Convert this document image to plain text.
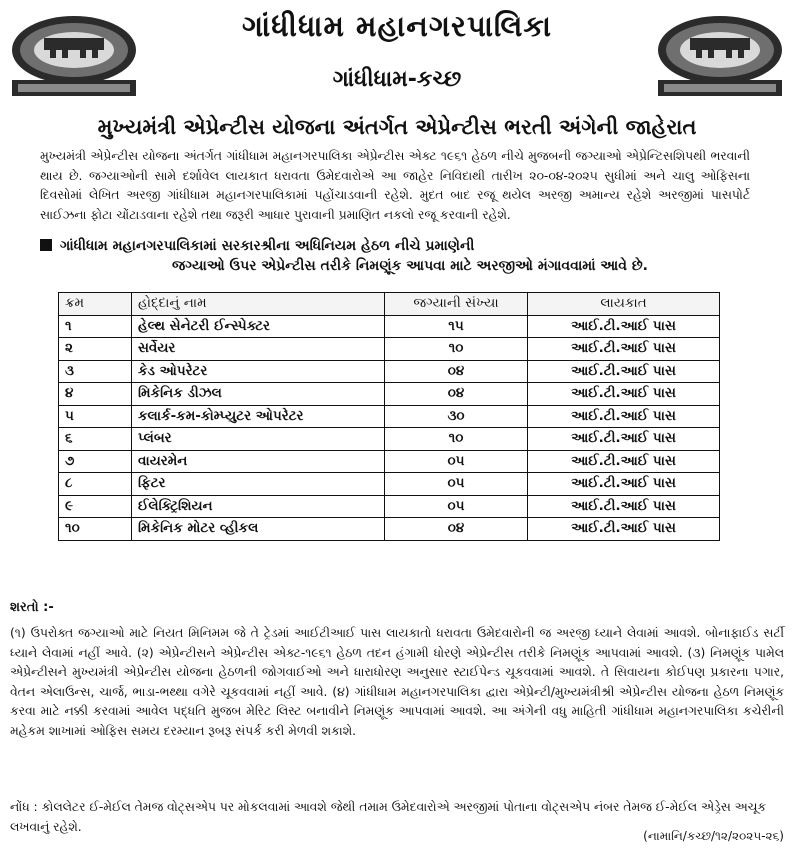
ગાંધીધામ મહાનગરપાલિકા
ગાંધીધામ-કચ્છ
મુખ્યમંત્રી એપ્રેન્ટીસ યોજના અંતર્ગત એપ્રેન્ટીસ ભરતી અંગેની જાહેરાત
મુખ્યમંત્રી એપ્રેન્ટીસ યોજના અંતર્ગત ગાંધીધામ મહાનગરપાલિકા એપ્રેન્ટીસ એક્ટ ૧૯૬૧ હેઠળ નીચે મુજબની જગ્યાઓ એપ્રેન્ટિસશિપથી ભરવાની થાય છે. જગ્યાઓની સામે દર્શાવેલ લાયકાત ધરાવતા ઉમેદવારોએ આ જાહેર નિવિદાથી તારીખ ૨૦-૦૪-૨૦૨૫ સુધીમાં અને ચાલુ ઓફિસના દિવસોમાં લેખિત અરજી ગાંધીધામ મહાનગરપાલિકામાં પહોંચાડવાની રહેશે. મુદત બાદ રજૂ થયેલ અરજી અમાન્ય રહેશે અરજીમાં પાસપોર્ટ સાઈઝના ફોટા ચોંટાડવાના રહેશે તથા જરૂરી આધાર પુરાવાની પ્રમાણિત નકલો રજૂ કરવાની રહેશે.
ગાંધીધામ મહાનગરપાલિકામાં સરકારશ્રીના અધિનિયમ હેઠળ નીચે પ્રમાણેની
જગ્યાઓ ઉપર એપ્રેન્ટીસ તરીકે નિમણૂંક આપવા માટે અરજીઓ મંગાવવામાં આવે છે.
ક્રમ	હોદ્દાનું નામ	જગ્યાની સંખ્યા	લાયકાત
૧	હેલ્થ સેનેટરી ઈન્સ્પેક્ટર	૧૫	આઈ.ટી.આઈ પાસ
૨	સર્વેયર	૧૦	આઈ.ટી.આઈ પાસ
૩	કેડ ઓપરેટર	૦૪	આઈ.ટી.આઈ પાસ
૪	મિકેનિક ડીઝલ	૦૪	આઈ.ટી.આઈ પાસ
૫	કલાર્ક-કમ-કોમ્પ્યુટર ઓપરેટર	૩૦	આઈ.ટી.આઈ પાસ
૬	પ્લંબર	૧૦	આઈ.ટી.આઈ પાસ
૭	વાયરમેન	૦૫	આઈ.ટી.આઈ પાસ
૮	ફિટર	૦૫	આઈ.ટી.આઈ પાસ
૯	ઈલેક્ટ્રિશિયન	૦૫	આઈ.ટી.આઈ પાસ
૧૦	મિકેનિક મોટર વ્હીકલ	૦૪	આઈ.ટી.આઈ પાસ
શરતો :-
(૧) ઉપરોક્ત જગ્યાઓ માટે નિયત મિનિમમ જે તે ટ્રેડમાં આઈટીઆઈ પાસ લાયકાતો ધરાવતા ઉમેદવારોની જ અરજી ધ્યાને લેવામાં આવશે. બોનાફાઈડ સર્ટી ધ્યાને લેવામાં નહીં આવે. (૨) એપ્રેન્ટીસને એપ્રેન્ટીસ એક્ટ-૧૯૬૧ હેઠળ તદન હંગામી ધોરણે એપ્રેન્ટીસ તરીકે નિમણૂંક આપવામાં આવશે. (૩) નિમણૂંક પામેલ એપ્રેન્ટીસને મુખ્યમંત્રી એપ્રેન્ટીસ યોજના હેઠળની જોગવાઈઓ અને ધારાધોરણ અનુસાર સ્ટાઈપેન્ડ ચૂકવવામાં આવશે. તે સિવાયના કોઈપણ પ્રકારના પગાર, વેતન એલાઉન્સ, ચાર્જ, ભાડા-ભથ્થા વગેરે ચૂકવવામાં નહીં આવે. (૪) ગાંધીધામ મહાનગરપાલિકા દ્વારા એપ્રેન્ટી/મુખ્યમંત્રીશ્રી એપ્રેન્ટીસ યોજના હેઠળ નિમણૂંક કરવા માટે નક્કી કરવામાં આવેલ પદ્ધતિ મુજબ મેરિટ લિસ્ટ બનાવીને નિમણૂંક આપવામાં આવશે. આ અંગેની વધુ માહિતી ગાંધીધામ મહાનગરપાલિકા કચેરીની મહેકમ શાખામાં ઓફિસ સમય દરમ્યાન રૂબરૂ સંપર્ક કરી મેળવી શકાશે.
નોંધ : કોલલેટર ઈ-મેઈલ તેમજ વોટ્સએપ પર મોકલવામાં આવશે જેથી તમામ ઉમેદવારોએ અરજીમાં પોતાના વોટ્સએપ નંબર તેમજ ઈ-મેઈલ એડ્રેસ અચૂક લખવાનું રહેશે.
(નામાનિ/કચ્છ/૧૨/૨૦૨૫-૨૬)
